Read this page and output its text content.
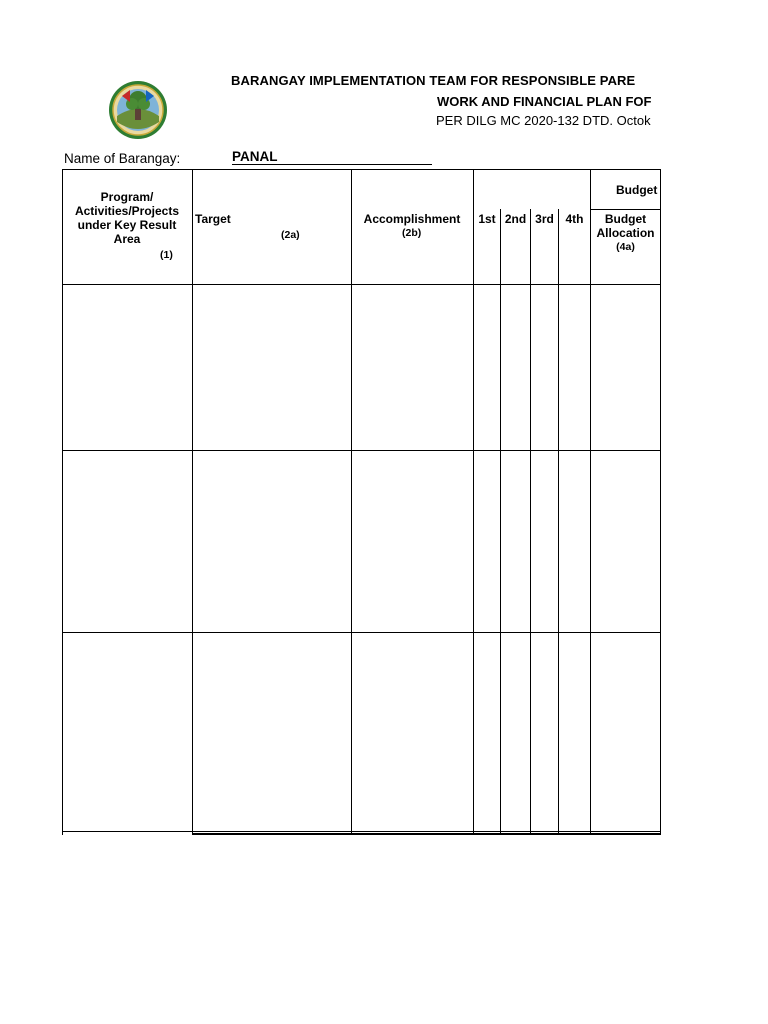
BARANGAY IMPLEMENTATION TEAM FOR RESPONSIBLE PARE
WORK AND FINANCIAL PLAN FOF
PER DILG MC 2020-132 DTD. Octok
Name of Barangay:	PANAL
Program/ Activities/Projects under Key Result Area
(1)
Target
(2a)
Accomplishment
(2b)
1st 2nd 3rd 4th
Budget
Budget
Allocation
(4a)
